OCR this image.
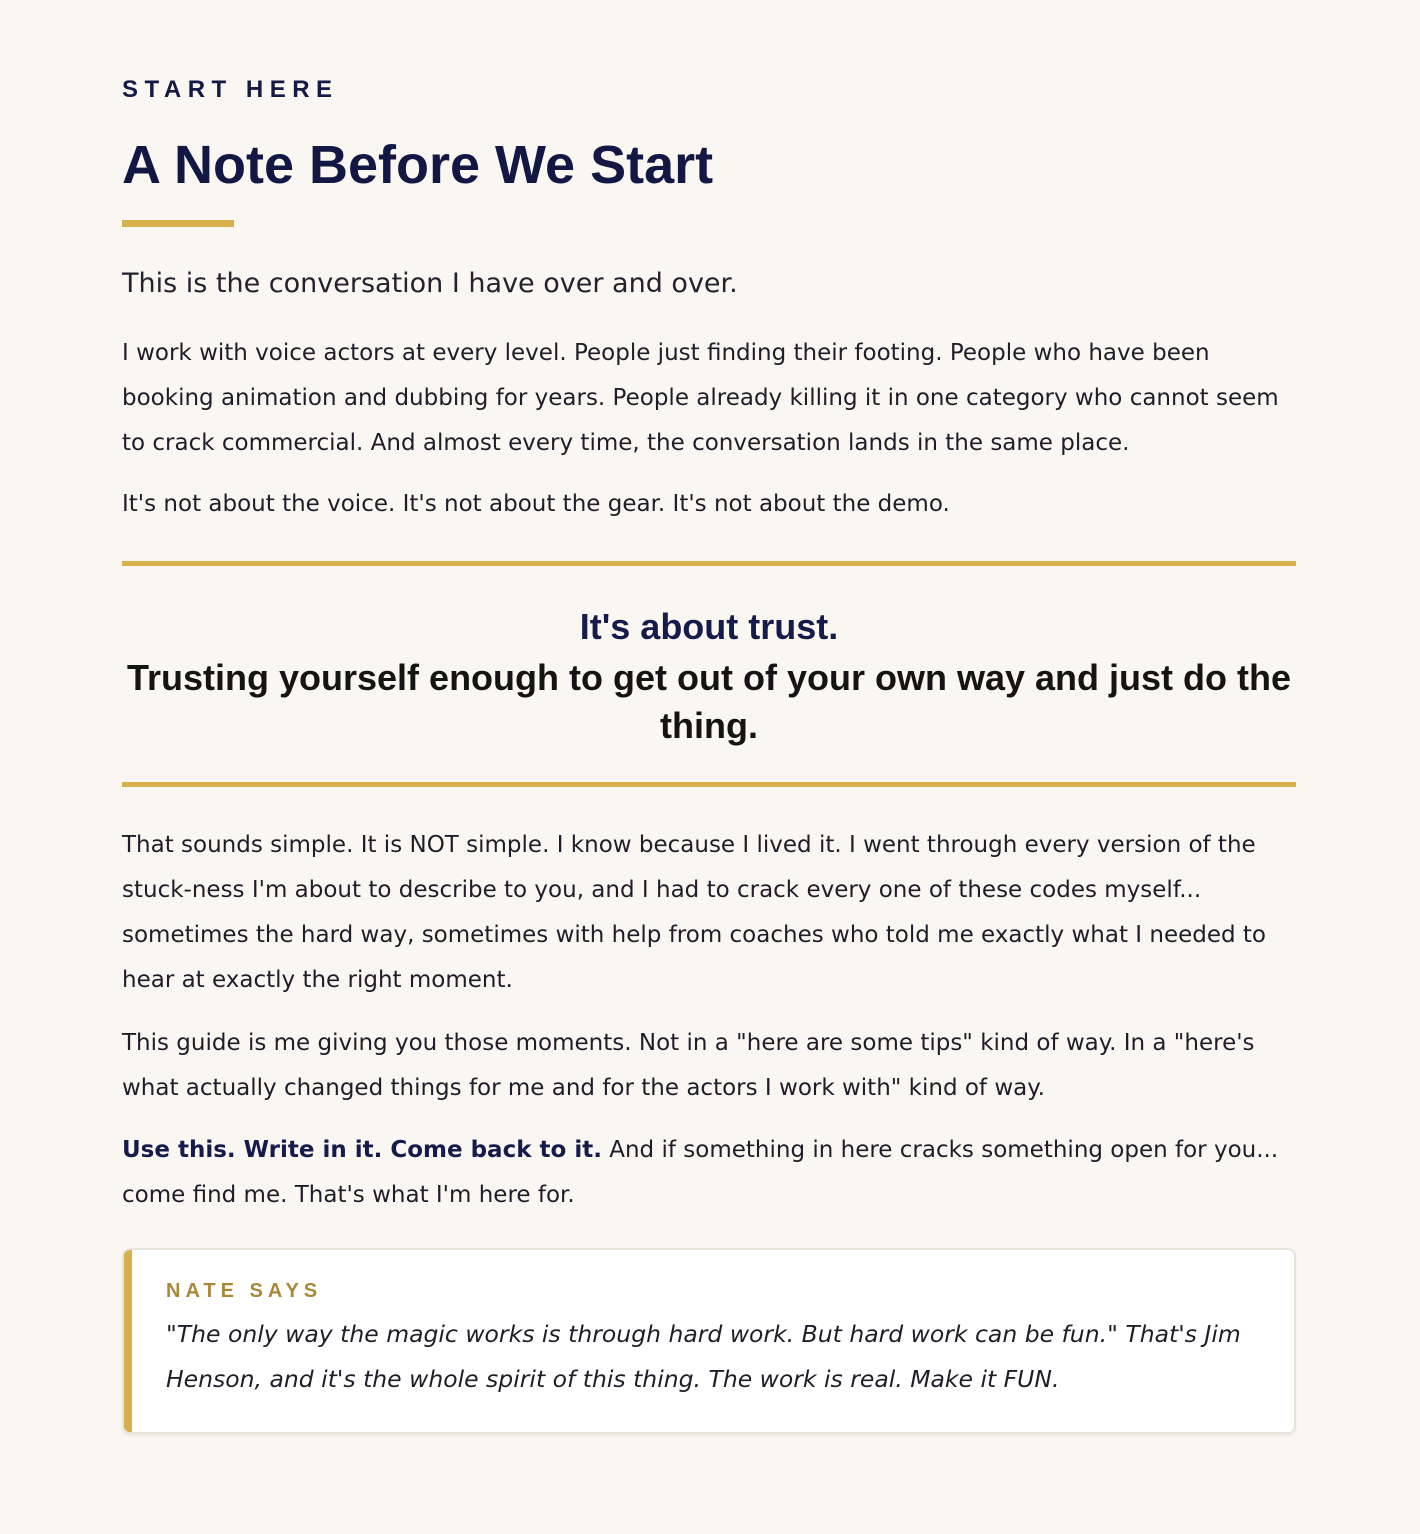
START HERE

A Note Before We Start

This is the conversation I have over and over.

I work with voice actors at every level. People just finding their footing. People who have been booking animation and dubbing for years. People already killing it in one category who cannot seem to crack commercial. And almost every time, the conversation lands in the same place.

It's not about the voice. It's not about the gear. It's not about the demo.

It's about trust.
Trusting yourself enough to get out of your own way and just do the thing.

That sounds simple. It is NOT simple. I know because I lived it. I went through every version of the stuck-ness I'm about to describe to you, and I had to crack every one of these codes myself... sometimes the hard way, sometimes with help from coaches who told me exactly what I needed to hear at exactly the right moment.

This guide is me giving you those moments. Not in a "here are some tips" kind of way. In a "here's what actually changed things for me and for the actors I work with" kind of way.

Use this. Write in it. Come back to it. And if something in here cracks something open for you... come find me. That's what I'm here for.

NATE SAYS

"The only way the magic works is through hard work. But hard work can be fun." That's Jim Henson, and it's the whole spirit of this thing. The work is real. Make it FUN.
